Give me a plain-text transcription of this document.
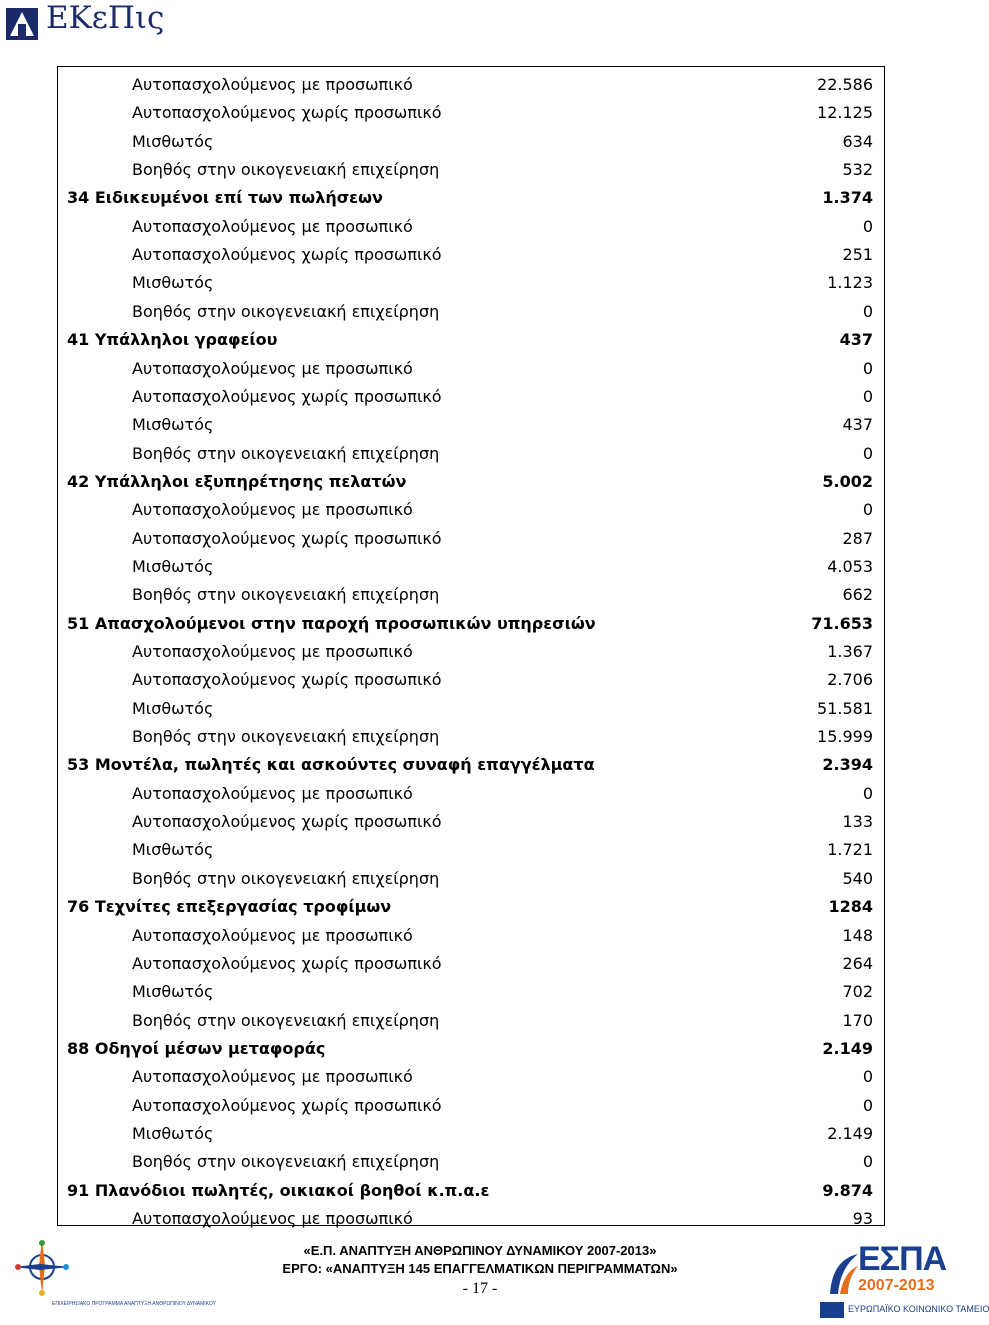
ΕΚεΠις
Αυτοπασχολούμενος με προσωπικό	22.586
Αυτοπασχολούμενος χωρίς προσωπικό	12.125
Μισθωτός	634
Βοηθός στην οικογενειακή επιχείρηση	532
34 Ειδικευμένοι επί των πωλήσεων	1.374
Αυτοπασχολούμενος με προσωπικό	0
Αυτοπασχολούμενος χωρίς προσωπικό	251
Μισθωτός	1.123
Βοηθός στην οικογενειακή επιχείρηση	0
41 Υπάλληλοι γραφείου	437
Αυτοπασχολούμενος με προσωπικό	0
Αυτοπασχολούμενος χωρίς προσωπικό	0
Μισθωτός	437
Βοηθός στην οικογενειακή επιχείρηση	0
42 Υπάλληλοι εξυπηρέτησης πελατών	5.002
Αυτοπασχολούμενος με προσωπικό	0
Αυτοπασχολούμενος χωρίς προσωπικό	287
Μισθωτός	4.053
Βοηθός στην οικογενειακή επιχείρηση	662
51 Απασχολούμενοι στην παροχή προσωπικών υπηρεσιών	71.653
Αυτοπασχολούμενος με προσωπικό	1.367
Αυτοπασχολούμενος χωρίς προσωπικό	2.706
Μισθωτός	51.581
Βοηθός στην οικογενειακή επιχείρηση	15.999
53 Μοντέλα, πωλητές και ασκούντες συναφή επαγγέλματα	2.394
Αυτοπασχολούμενος με προσωπικό	0
Αυτοπασχολούμενος χωρίς προσωπικό	133
Μισθωτός	1.721
Βοηθός στην οικογενειακή επιχείρηση	540
76 Τεχνίτες επεξεργασίας τροφίμων	1284
Αυτοπασχολούμενος με προσωπικό	148
Αυτοπασχολούμενος χωρίς προσωπικό	264
Μισθωτός	702
Βοηθός στην οικογενειακή επιχείρηση	170
88 Οδηγοί μέσων μεταφοράς	2.149
Αυτοπασχολούμενος με προσωπικό	0
Αυτοπασχολούμενος χωρίς προσωπικό	0
Μισθωτός	2.149
Βοηθός στην οικογενειακή επιχείρηση	0
91 Πλανόδιοι πωλητές, οικιακοί βοηθοί κ.π.α.ε	9.874
Αυτοπασχολούμενος με προσωπικό	93
ΕΠΙΧΕΙΡΗΣΙΑΚΟ ΠΡΟΓΡΑΜΜΑ ΑΝΑΠΤΥΞΗ ΑΝΘΡΩΠΙΝΟΥ ΔΥΝΑΜΙΚΟΥ
«Ε.Π. ΑΝΑΠΤΥΞΗ ΑΝΘΡΩΠΙΝΟΥ ΔΥΝΑΜΙΚΟΥ 2007-2013»
ΕΡΓΟ: «ΑΝΑΠΤΥΞΗ 145 ΕΠΑΓΓΕΛΜΑΤΙΚΩΝ ΠΕΡΙΓΡΑΜΜΑΤΩΝ»
- 17 -
ΕΣΠΑ
2007-2013
ΕΥΡΩΠΑΪΚΟ ΚΟΙΝΩΝΙΚΟ ΤΑΜΕΙΟ
